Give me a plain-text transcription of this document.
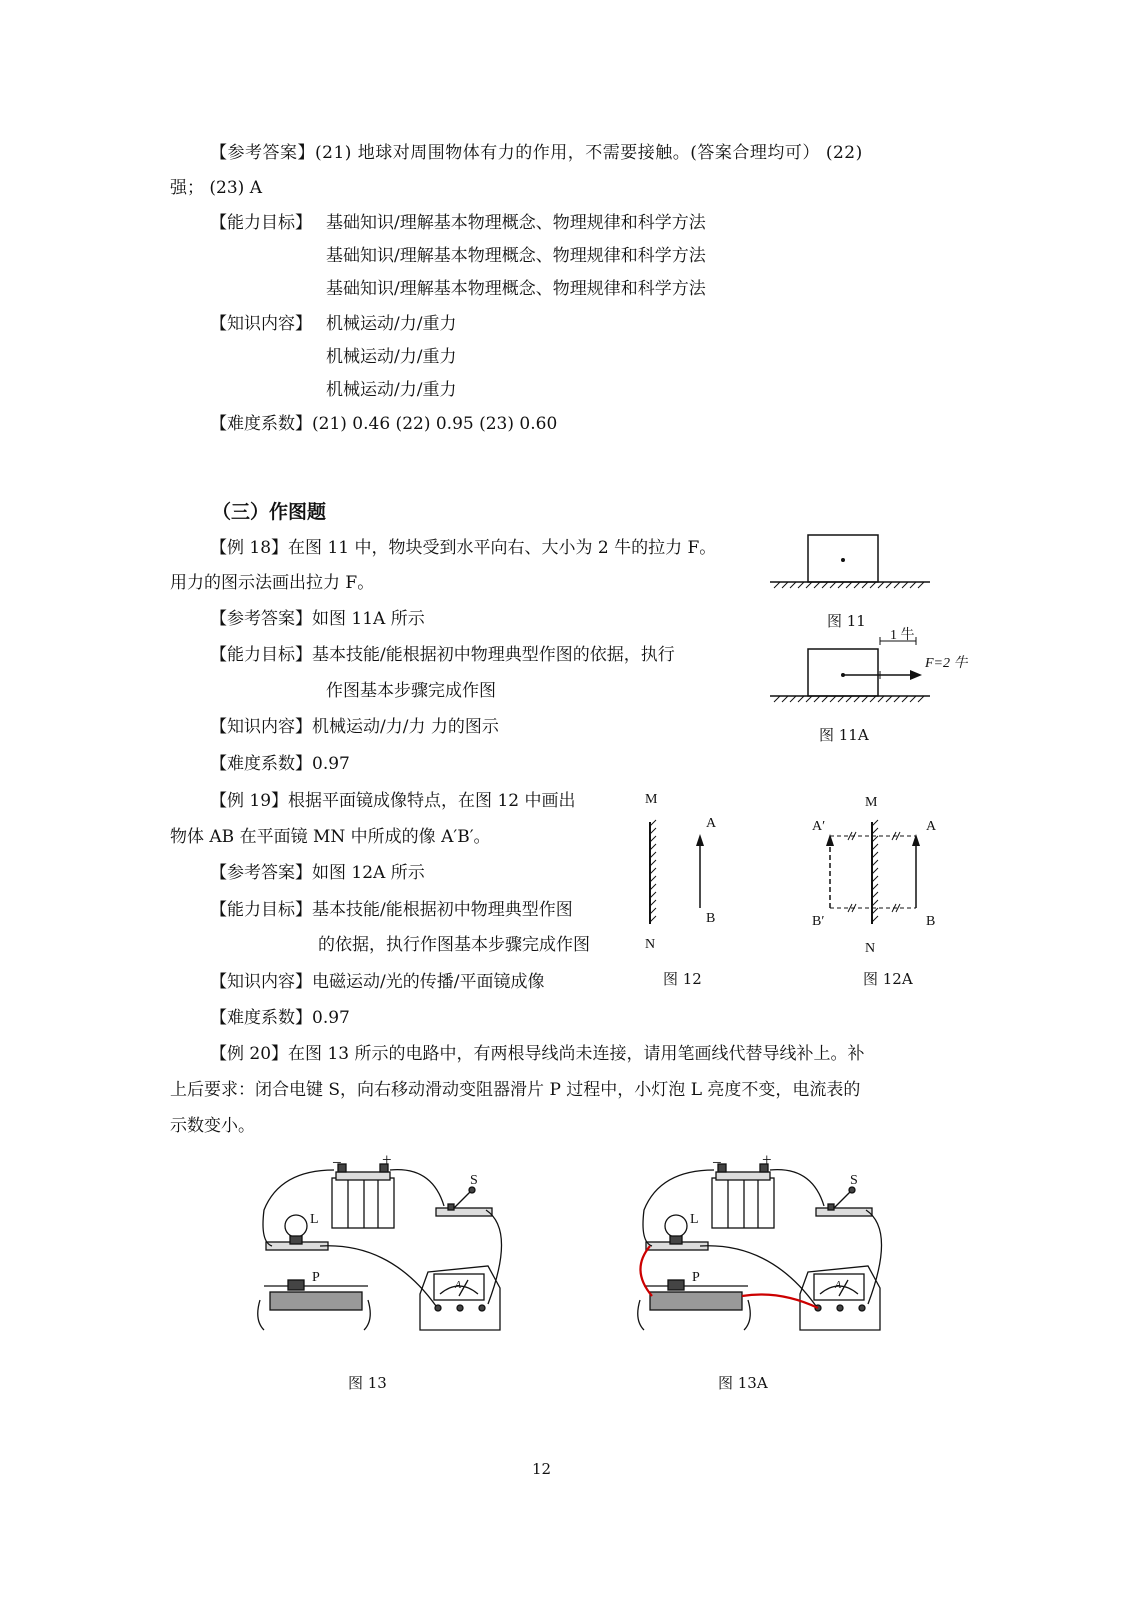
【参考答案】(21) 地球对周围物体有力的作用，不需要接触。(答案合理均可） (22)
强； (23) A
【能力目标】 基础知识/理解基本物理概念、物理规律和科学方法
基础知识/理解基本物理概念、物理规律和科学方法
基础知识/理解基本物理概念、物理规律和科学方法
【知识内容】 机械运动/力/重力
机械运动/力/重力
机械运动/力/重力
【难度系数】(21) 0.46 (22) 0.95 (23) 0.60
（三）作图题
【例 18】在图 11 中，物块受到水平向右、大小为 2 牛的拉力 F。
用力的图示法画出拉力 F。
【参考答案】如图 11A 所示
【能力目标】基本技能/能根据初中物理典型作图的依据，执行
作图基本步骤完成作图
【知识内容】机械运动/力/力 力的图示
【难度系数】0.97
图 11
1 牛
F=2 牛
图 11A
【例 19】根据平面镜成像特点，在图 12 中画出
物体 AB 在平面镜 MN 中所成的像 A′B′。
【参考答案】如图 12A 所示
【能力目标】基本技能/能根据初中物理典型作图
的依据，执行作图基本步骤完成作图
【知识内容】电磁运动/光的传播/平面镜成像
【难度系数】0.97
M
N
A
B
图 12
M
N
A
B
A′
B′
图 12A
【例 20】在图 13 所示的电路中，有两根导线尚未连接，请用笔画线代替导线补上。补
上后要求：闭合电键 S，向右移动滑动变阻器滑片 P 过程中，小灯泡 L 亮度不变，电流表的
示数变小。
− +
S
L
P
A
图 13
− +
S
L
P
A
图 13A
12
